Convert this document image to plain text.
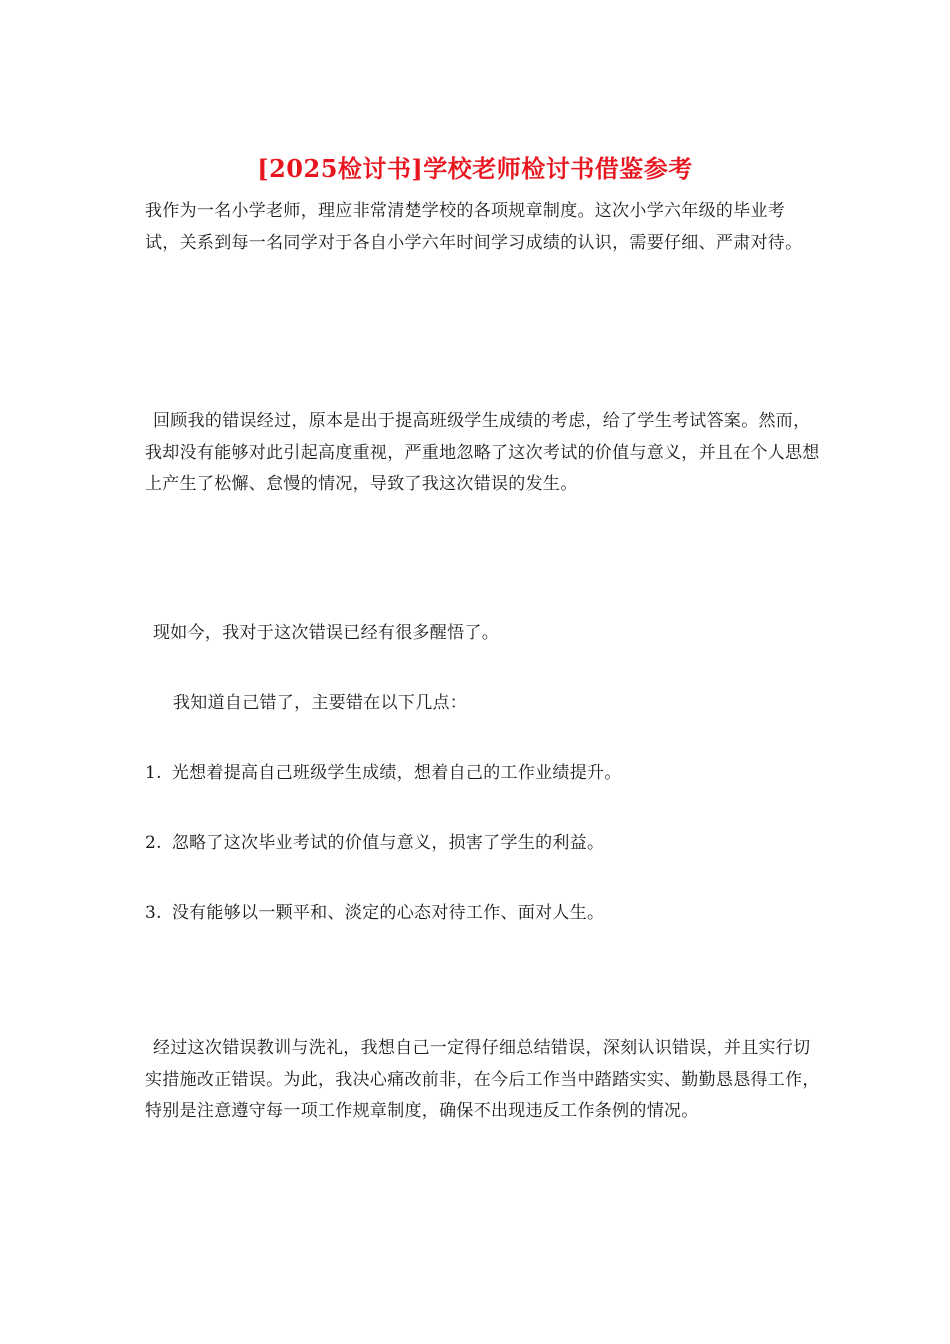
[2025检讨书]学校老师检讨书借鉴参考

我作为一名小学老师，理应非常清楚学校的各项规章制度。这次小学六年级的毕业考试，关系到每一名同学对于各自小学六年时间学习成绩的认识，需要仔细、严肃对待。

回顾我的错误经过，原本是出于提高班级学生成绩的考虑，给了学生考试答案。然而，我却没有能够对此引起高度重视，严重地忽略了这次考试的价值与意义，并且在个人思想上产生了松懈、怠慢的情况，导致了我这次错误的发生。

现如今，我对于这次错误已经有很多醒悟了。

我知道自己错了，主要错在以下几点：

1. 光想着提高自己班级学生成绩，想着自己的工作业绩提升。

2. 忽略了这次毕业考试的价值与意义，损害了学生的利益。

3. 没有能够以一颗平和、淡定的心态对待工作、面对人生。

经过这次错误教训与洗礼，我想自己一定得仔细总结错误，深刻认识错误，并且实行切实措施改正错误。为此，我决心痛改前非，在今后工作当中踏踏实实、勤勤恳恳得工作，特别是注意遵守每一项工作规章制度，确保不出现违反工作条例的情况。
